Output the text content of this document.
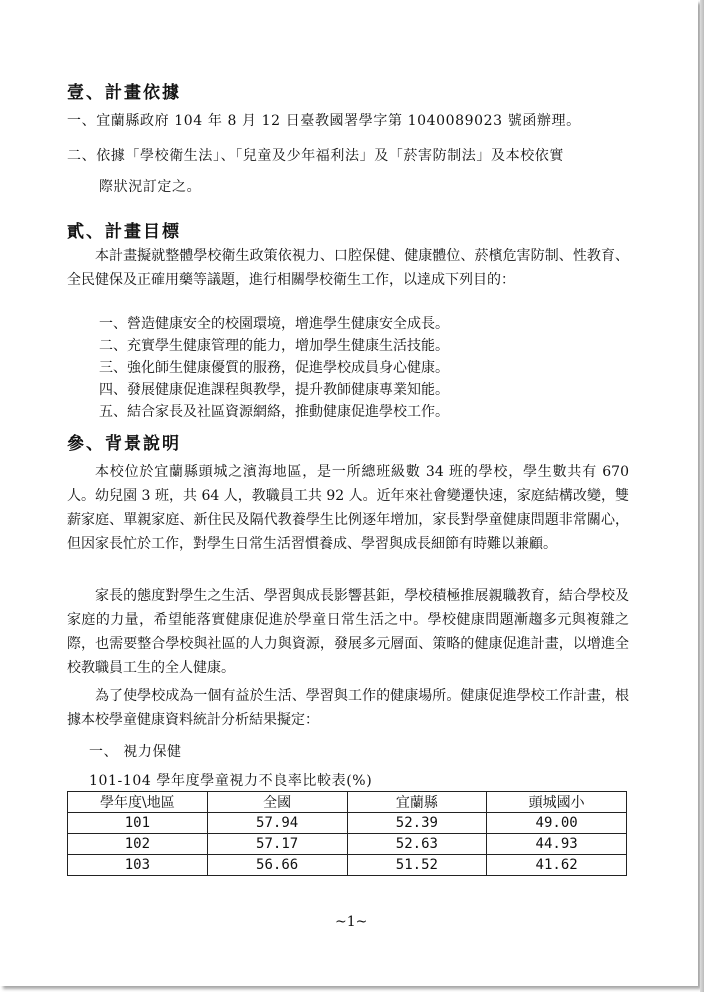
壹、計畫依據
一、宜蘭縣政府 104 年 8 月 12 日臺教國署學字第 1040089023 號函辦理。
二、依據「學校衛生法」、「兒童及少年福利法」及「菸害防制法」及本校依實
際狀況訂定之。
貳、計畫目標
本計畫擬就整體學校衛生政策依視力、口腔保健、健康體位、菸檳危害防制、性教育、全民健保及正確用藥等議題，進行相關學校衛生工作，以達成下列目的：
一、營造健康安全的校園環境，增進學生健康安全成長。
二、充實學生健康管理的能力，增加學生健康生活技能。
三、強化師生健康優質的服務，促進學校成員身心健康。
四、發展健康促進課程與教學，提升教師健康專業知能。
五、結合家長及社區資源網絡，推動健康促進學校工作。
參、背景說明
本校位於宜蘭縣頭城之濱海地區，是一所總班級數 34 班的學校，學生數共有 670 人。幼兒園 3 班，共 64 人，教職員工共 92 人。近年來社會變遷快速，家庭結構改變，雙薪家庭、單親家庭、新住民及隔代教養學生比例逐年增加，家長對學童健康問題非常關心，但因家長忙於工作，對學生日常生活習慣養成、學習與成長細節有時難以兼顧。
家長的態度對學生之生活、學習與成長影響甚鉅，學校積極推展親職教育，結合學校及家庭的力量，希望能落實健康促進於學童日常生活之中。學校健康問題漸趨多元與複雜之際，也需要整合學校與社區的人力與資源，發展多元層面、策略的健康促進計畫，以增進全校教職員工生的全人健康。
為了使學校成為一個有益於生活、學習與工作的健康場所。健康促進學校工作計畫，根據本校學童健康資料統計分析結果擬定：
一、 視力保健
101-104 學年度學童視力不良率比較表(%)
學年度\地區	全國	宜蘭縣	頭城國小
101	57.94	52.39	49.00
102	57.17	52.63	44.93
103	56.66	51.52	41.62
~1~
